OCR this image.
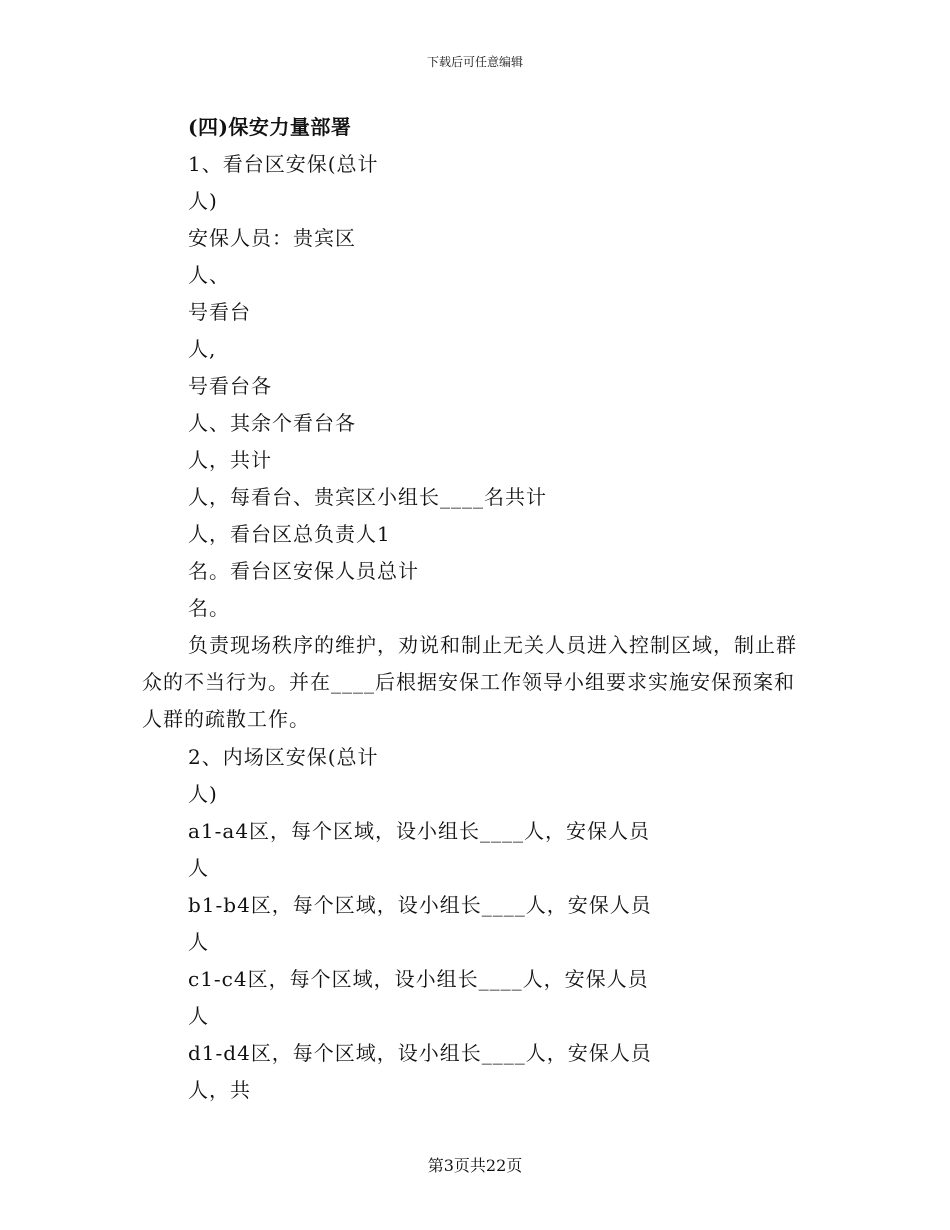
下载后可任意编辑
(四)保安力量部署
1、看台区安保(总计
人)
安保人员：贵宾区
人、
号看台
人,
号看台各
人、其余个看台各
人，共计
人，每看台、贵宾区小组长____名共计
人，看台区总负责人1
名。看台区安保人员总计
名。
负责现场秩序的维护，劝说和制止无关人员进入控制区域，制止群众的不当行为。并在____后根据安保工作领导小组要求实施安保预案和人群的疏散工作。
2、内场区安保(总计
人)
a1-a4区，每个区域，设小组长____人，安保人员
人
b1-b4区，每个区域，设小组长____人，安保人员
人
c1-c4区，每个区域，设小组长____人，安保人员
人
d1-d4区，每个区域，设小组长____人，安保人员
人，共
第3页共22页
